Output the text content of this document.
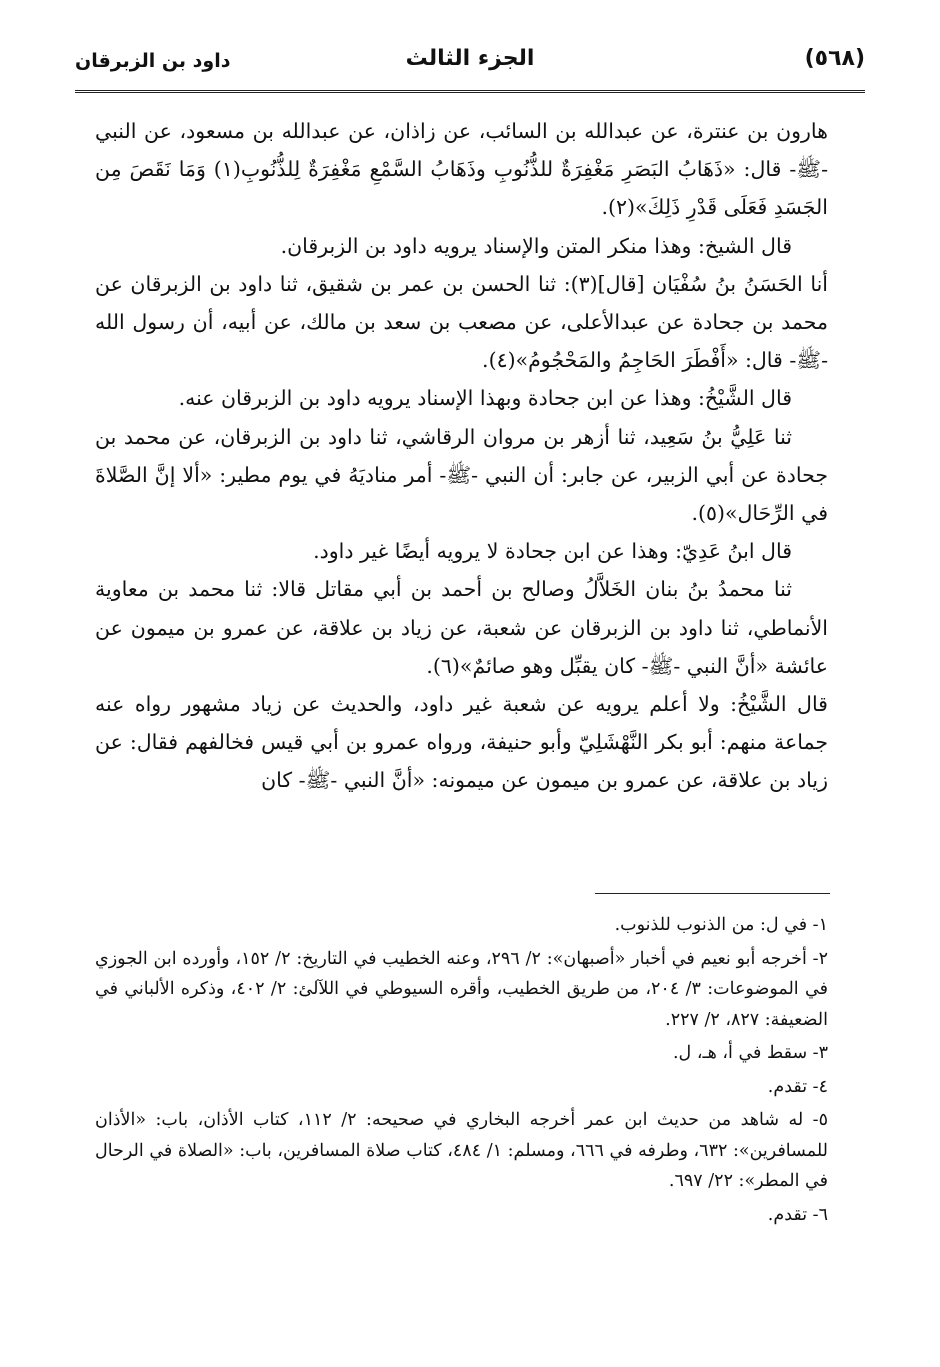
(٥٦٨)
الجزء الثالث
داود بن الزبرقان

هارون بن عنترة، عن عبدالله بن السائب، عن زاذان، عن عبدالله بن مسعود، عن النبي -ﷺ- قال: «ذَهَابُ البَصَرِ مَغْفِرَةٌ للذُّنُوبِ وذَهَابُ السَّمْعِ مَغْفِرَةٌ لِلذُّنُوبِ(١) وَمَا نَقَصَ مِن الجَسَدِ فَعَلَى قَدْرِ ذَلِكَ»(٢).

قال الشيخ: وهذا منكر المتن والإسناد يرويه داود بن الزبرقان.

أنا الحَسَنُ بنُ سُفْيَان [قال](٣): ثنا الحسن بن عمر بن شقيق، ثنا داود بن الزبرقان عن محمد بن جحادة عن عبدالأعلى، عن مصعب بن سعد بن مالك، عن أبيه، أن رسول الله -ﷺ- قال: «أَفْطَرَ الحَاجِمُ والمَحْجُومُ»(٤).

قال الشَّيْخُ: وهذا عن ابن جحادة وبهذا الإسناد يرويه داود بن الزبرقان عنه.

ثنا عَلِيُّ بنُ سَعِيد، ثنا أزهر بن مروان الرقاشي، ثنا داود بن الزبرقان، عن محمد بن جحادة عن أبي الزبير، عن جابر: أن النبي -ﷺ- أمر مناديَهُ في يوم مطير: «ألا إنَّ الصَّلاةَ في الرِّحَال»(٥).

قال ابنُ عَدِيّ: وهذا عن ابن جحادة لا يرويه أيضًا غير داود.

ثنا محمدُ بنُ بنان الخَلاَّلُ وصالح بن أحمد بن أبي مقاتل قالا: ثنا محمد بن معاوية الأنماطي، ثنا داود بن الزبرقان عن شعبة، عن زياد بن علاقة، عن عمرو بن ميمون عن عائشة «أنَّ النبي -ﷺ- كان يقبِّل وهو صائمٌ»(٦).

قال الشَّيْخُ: ولا أعلم يرويه عن شعبة غير داود، والحديث عن زياد مشهور رواه عنه جماعة منهم: أبو بكر النَّهْشَلِيّ وأبو حنيفة، ورواه عمرو بن أبي قيس فخالفهم فقال: عن زياد بن علاقة، عن عمرو بن ميمون عن ميمونه: «أنَّ النبي -ﷺ- كان

١- في ل: من الذنوب للذنوب.

٢- أخرجه أبو نعيم في أخبار «أصبهان»: ٢/ ٢٩٦، وعنه الخطيب في التاريخ: ٢/ ١٥٢، وأورده ابن الجوزي في الموضوعات: ٣/ ٢٠٤، من طريق الخطيب، وأقره السيوطي في اللآلئ: ٢/ ٤٠٢، وذكره الألباني في الضعيفة: ٨٢٧، ٢/ ٢٢٧.

٣- سقط في أ، هـ، ل.

٤- تقدم.

٥- له شاهد من حديث ابن عمر أخرجه البخاري في صحيحه: ٢/ ١١٢، كتاب الأذان، باب: «الأذان للمسافرين»: ٦٣٢، وطرفه في ٦٦٦، ومسلم: ١/ ٤٨٤، كتاب صلاة المسافرين، باب: «الصلاة في الرحال في المطر»: ٢٢/ ٦٩٧.

٦- تقدم.
